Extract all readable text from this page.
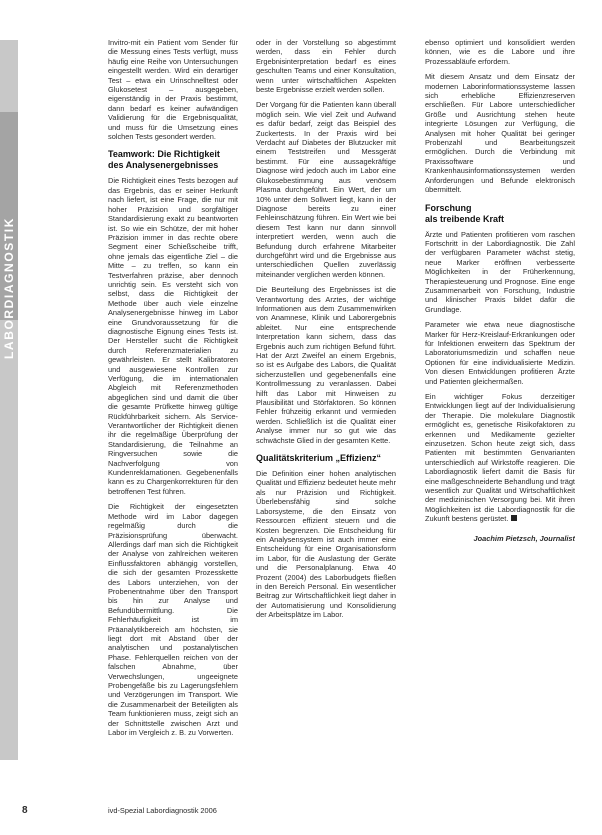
LABORDIAGNOSTIK

Invitro-mit ein Patient vom Sender für die Messung eines Tests verfügt, muss häufig eine Reihe von Untersuchungen eingestellt werden. Wird ein derartiger Test – etwa ein Urinschnelltest oder Glukosetest – ausgegeben, eigenständig in der Praxis bestimmt, dann bedarf es keiner aufwändigen Validierung für die Ergebnisqualität, und muss für die Umsetzung eines solchen Tests gesondert werden.

Teamwork: Die Richtigkeit
des Analysenergebnisses

Die Richtigkeit eines Tests bezogen auf das Ergebnis, das er seiner Herkunft nach liefert, ist eine Frage, die nur mit hoher Präzision und sorgfältiger Standardisierung exakt zu beantworten ist. So wie ein Schütze, der mit hoher Präzision immer in das rechte obere Segment einer Schießscheibe trifft, ohne jemals das eigentliche Ziel – die Mitte – zu treffen, so kann ein Testverfahren präzise, aber dennoch unrichtig sein. Es versteht sich von selbst, dass die Richtigkeit der Methode über auch viele einzelne Analysenergebnisse hinweg im Labor eine Grundvoraussetzung für die diagnostische Eignung eines Tests ist. Der Hersteller sucht die Richtigkeit durch Referenzmaterialien zu gewährleisten. Er stellt Kalibratoren und ausgewiesene Kontrollen zur Verfügung, die im internationalen Abgleich mit Referenzmethoden abgeglichen sind und damit die über die gesamte Prüfkette hinweg gültige Rückführbarkeit sichern. Als Service-Verantwortlicher der Richtigkeit dienen ihr die regelmäßige Überprüfung der Standardisierung, die Teilnahme an Ringversuchen sowie die Nachverfolgung von Kundenreklamationen. Gegebenenfalls kann es zu Chargenkorrekturen für den betroffenen Test führen.

Die Richtigkeit der eingesetzten Methode wird im Labor dagegen regelmäßig durch die Präzisionsprüfung überwacht. Allerdings darf man sich die Richtigkeit der Analyse von zahlreichen weiteren Einflussfaktoren abhängig vorstellen, die sich der gesamten Prozesskette des Labors unterziehen, von der Probenentnahme über den Transport bis hin zur Analyse und Befundübermittlung. Die Fehlerhäufigkeit ist im Präanalytikbereich am höchsten, sie liegt dort mit Abstand über der analytischen und postanalytischen Phase. Fehlerquellen reichen von der falschen Abnahme, über Verwechslungen, ungeeignete Probengefäße bis zu Lagerungsfehlern und Verzögerungen im Transport. Wie die Zusammenarbeit der Beteiligten als Team funktionieren muss, zeigt sich an der Schnittstelle zwischen Arzt und Labor im Vergleich z. B. zu Vorwerten.

oder in der Vorstellung so abgestimmt werden, dass ein Fehler durch Ergebnisinterpretation bedarf es eines geschulten Teams und einer Konsultation, wenn unter wirtschaftlichen Aspekten beste Ergebnisse erzielt werden sollen.

Der Vorgang für die Patienten kann überall möglich sein. Wie viel Zeit und Aufwand es dafür bedarf, zeigt das Beispiel des Zuckertests. In der Praxis wird bei Verdacht auf Diabetes der Blutzucker mit einem Teststreifen und Messgerät bestimmt. Für eine aussagekräftige Diagnose wird jedoch auch im Labor eine Glukosebestimmung aus venösem Plasma durchgeführt. Ein Wert, der um 10% unter dem Sollwert liegt, kann in der Diagnose bereits zu einer Fehleinschätzung führen. Ein Wert wie bei diesem Test kann nur dann sinnvoll interpretiert werden, wenn auch die Befundung durch erfahrene Mitarbeiter durchgeführt wird und die Ergebnisse aus unterschiedlichen Quellen zuverlässig miteinander verglichen werden können.

Die Beurteilung des Ergebnisses ist die Verantwortung des Arztes, der wichtige Informationen aus dem Zusammenwirken von Anamnese, Klinik und Laborergebnis ableitet. Nur eine entsprechende Interpretation kann sichern, dass das Ergebnis auch zum richtigen Befund führt. Hat der Arzt Zweifel an einem Ergebnis, so ist es Aufgabe des Labors, die Qualität sicherzustellen und gegebenenfalls eine Kontrollmessung zu veranlassen. Dabei hilft das Labor mit Hinweisen zu Plausibilität und Störfaktoren. So können Fehler frühzeitig erkannt und vermieden werden. Schließlich ist die Qualität einer Analyse immer nur so gut wie das schwächste Glied in der gesamten Kette.

Qualitätskriterium „Effizienz“

Die Definition einer hohen analytischen Qualität und Effizienz bedeutet heute mehr als nur Präzision und Richtigkeit. Überlebensfähig sind solche Laborsysteme, die den Einsatz von Ressourcen effizient steuern und die Kosten begrenzen. Die Entscheidung für ein Analysensystem ist auch immer eine Entscheidung für eine Organisationsform im Labor, für die Auslastung der Geräte und die Personalplanung. Etwa 40 Prozent (2004) des Laborbudgets fließen in den Bereich Personal. Ein wesentlicher Beitrag zur Wirtschaftlichkeit liegt daher in der Automatisierung und Konsolidierung der Arbeitsplätze im Labor.

ebenso optimiert und konsolidiert werden können, wie es die Labore und ihre Prozessabläufe erfordern.

Mit diesem Ansatz und dem Einsatz der modernen Laborinformationssysteme lassen sich erhebliche Effizienzreserven erschließen. Für Labore unterschiedlicher Größe und Ausrichtung stehen heute integrierte Lösungen zur Verfügung, die Analysen mit hoher Qualität bei geringer Probenzahl und Bearbeitungszeit ermöglichen. Durch die Verbindung mit Praxissoftware und Krankenhausinformationssystemen werden Anforderungen und Befunde elektronisch übermittelt.

Forschung
als treibende Kraft

Ärzte und Patienten profitieren vom raschen Fortschritt in der Labordiagnostik. Die Zahl der verfügbaren Parameter wächst stetig, neue Marker eröffnen verbesserte Möglichkeiten in der Früherkennung, Therapiesteuerung und Prognose. Eine enge Zusammenarbeit von Forschung, Industrie und klinischer Praxis bildet dafür die Grundlage.

Parameter wie etwa neue diagnostische Marker für Herz-Kreislauf-Erkrankungen oder für Infektionen erweitern das Spektrum der Laboratoriumsmedizin und schaffen neue Optionen für eine individualisierte Medizin. Von diesen Entwicklungen profitieren Ärzte und Patienten gleichermaßen.

Ein wichtiger Fokus derzeitiger Entwicklungen liegt auf der Individualisierung der Therapie. Die molekulare Diagnostik ermöglicht es, genetische Risikofaktoren zu erkennen und Medikamente gezielter einzusetzen. Schon heute zeigt sich, dass Patienten mit bestimmten Genvarianten unterschiedlich auf Wirkstoffe reagieren. Die Labordiagnostik liefert damit die Basis für eine maßgeschneiderte Behandlung und trägt wesentlich zur Qualität und Wirtschaftlichkeit der medizinischen Versorgung bei. Mit ihren Möglichkeiten ist die Labordiagnostik für die Zukunft bestens gerüstet.

Joachim Pietzsch, Journalist

8	ivd-Spezial Labordiagnostik 2006
